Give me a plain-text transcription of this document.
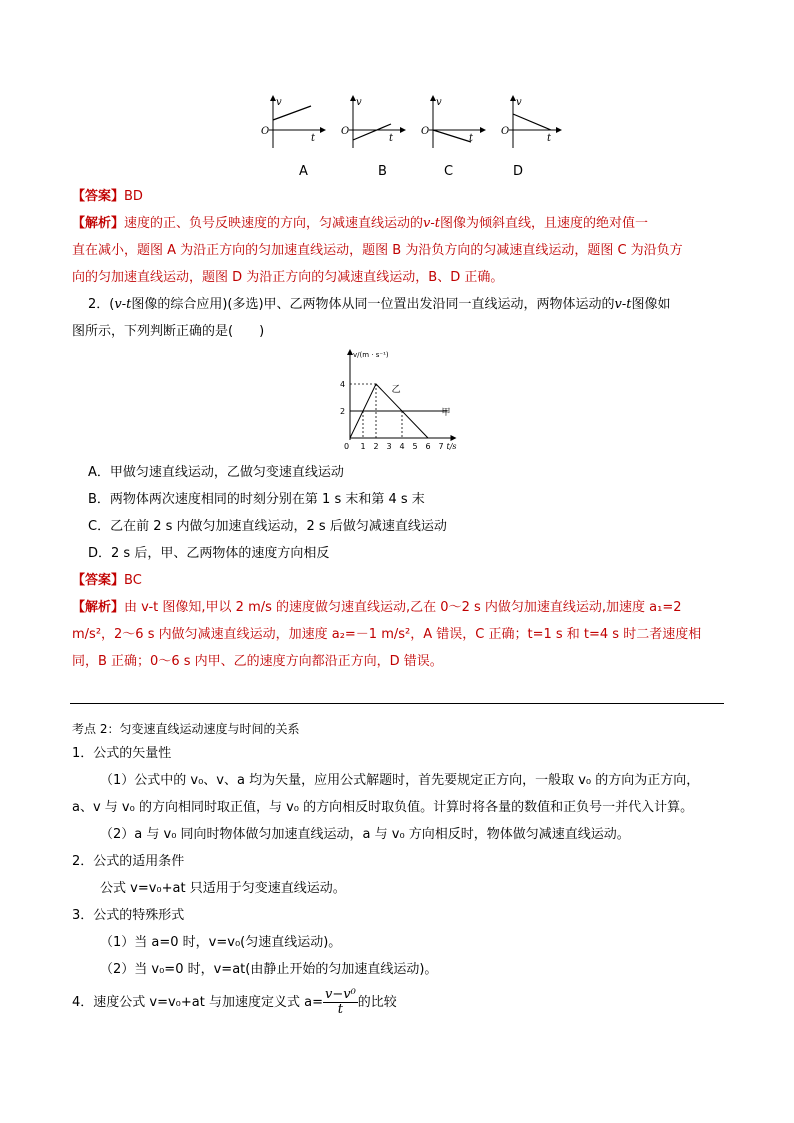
v
t
O
v
t
O
v
t
O
v
t
O
A	B	C	D

【答案】BD

【解析】速度的正、负号反映速度的方向，匀减速直线运动的v-t图像为倾斜直线，且速度的绝对值一

直在减小，题图 A 为沿正方向的匀加速直线运动，题图 B 为沿负方向的匀减速直线运动，题图 C 为沿负方

向的匀加速直线运动，题图 D 为沿正方向的匀减速直线运动，B、D 正确。

2．(v-t图像的综合应用)(多选)甲、乙两物体从同一位置出发沿同一直线运动，两物体运动的v-t图像如

图所示，下列判断正确的是(　　)

v/(m · s⁻¹)
t/s
0 1 2 3 4 5 6 7
2
4
乙
甲

A．甲做匀速直线运动，乙做匀变速直线运动

B．两物体两次速度相同的时刻分别在第 1 s 末和第 4 s 末

C．乙在前 2 s 内做匀加速直线运动，2 s 后做匀减速直线运动

D．2 s 后，甲、乙两物体的速度方向相反

【答案】BC

【解析】由 v-t 图像知,甲以 2 m/s 的速度做匀速直线运动,乙在 0～2 s 内做匀加速直线运动,加速度 a₁=2

m/s²，2～6 s 内做匀减速直线运动，加速度 a₂=－1 m/s²，A 错误，C 正确；t=1 s 和 t=4 s 时二者速度相

同，B 正确；0～6 s 内甲、乙的速度方向都沿正方向，D 错误。

考点 2：匀变速直线运动速度与时间的关系

1．公式的矢量性

（1）公式中的 v₀、v、a 均为矢量，应用公式解题时，首先要规定正方向，一般取 v₀ 的方向为正方向，

a、v 与 v₀ 的方向相同时取正值，与 v₀ 的方向相反时取负值。计算时将各量的数值和正负号一并代入计算。

（2）a 与 v₀ 同向时物体做匀加速直线运动，a 与 v₀ 方向相反时，物体做匀减速直线运动。

2．公式的适用条件

公式 v=v₀+at 只适用于匀变速直线运动。

3．公式的特殊形式

（1）当 a=0 时，v=v₀(匀速直线运动)。

（2）当 v₀=0 时，v=at(由静止开始的匀加速直线运动)。

4．速度公式 v=v₀+at 与加速度定义式 $a= \frac{\text{v−v⁰}}{t}$ 的比较
